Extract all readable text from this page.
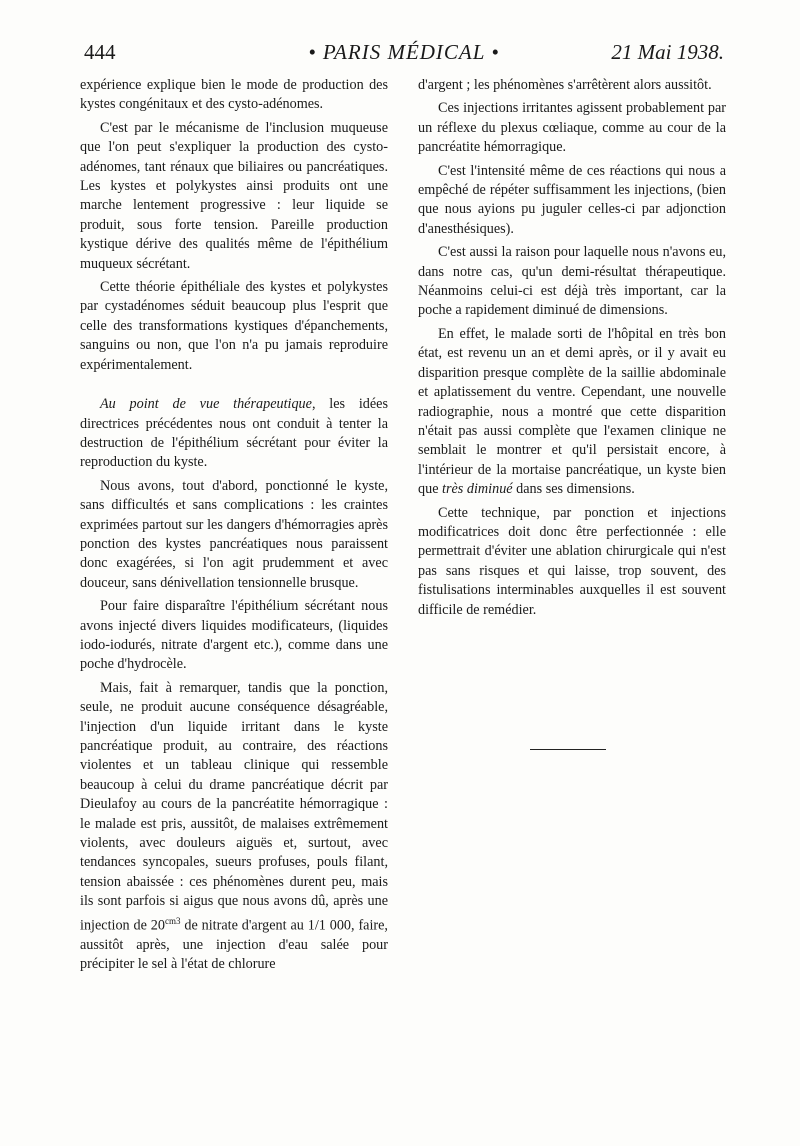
444	• PARIS MÉDICAL •	21 Mai 1938.

expérience explique bien le mode de production des kystes congénitaux et des cysto-adénomes.

C'est par le mécanisme de l'inclusion muqueuse que l'on peut s'expliquer la production des cysto-adénomes, tant rénaux que biliaires ou pancréatiques. Les kystes et polykystes ainsi produits ont une marche lentement progressive : leur liquide se produit, sous forte tension. Pareille production kystique dérive des qualités même de l'épithélium muqueux sécrétant.

Cette théorie épithéliale des kystes et polykystes par cystadénomes séduit beaucoup plus l'esprit que celle des transformations kystiques d'épanchements, sanguins ou non, que l'on n'a pu jamais reproduire expérimentalement.

Au point de vue thérapeutique, les idées directrices précédentes nous ont conduit à tenter la destruction de l'épithélium sécrétant pour éviter la reproduction du kyste.

Nous avons, tout d'abord, ponctionné le kyste, sans difficultés et sans complications : les craintes exprimées partout sur les dangers d'hémorragies après ponction des kystes pancréatiques nous paraissent donc exagérées, si l'on agit prudemment et avec douceur, sans dénivellation tensionnelle brusque.

Pour faire disparaître l'épithélium sécrétant nous avons injecté divers liquides modificateurs, (liquides iodo-iodurés, nitrate d'argent etc.), comme dans une poche d'hydrocèle.

Mais, fait à remarquer, tandis que la ponction, seule, ne produit aucune conséquence désagréable, l'injection d'un liquide irritant dans le kyste pancréatique produit, au contraire, des réactions violentes et un tableau clinique qui ressemble beaucoup à celui du drame pancréatique décrit par Dieulafoy au cours de la pancréatite hémorragique : le malade est pris, aussitôt, de malaises extrêmement violents, avec douleurs aiguës et, surtout, avec tendances syncopales, sueurs profuses, pouls filant, tension abaissée : ces phénomènes durent peu, mais ils sont parfois si aigus que nous avons dû, après une injection de $20^{cm3}$ de nitrate d'argent au 1/1 000, faire, aussitôt après, une injection d'eau salée pour précipiter le sel à l'état de chlorure

d'argent ; les phénomènes s'arrêtèrent alors aussitôt.

Ces injections irritantes agissent probablement par un réflexe du plexus cœliaque, comme au cour de la pancréatite hémorragique.

C'est l'intensité même de ces réactions qui nous a empêché de répéter suffisamment les injections, (bien que nous ayions pu juguler celles-ci par adjonction d'anesthésiques).

C'est aussi la raison pour laquelle nous n'avons eu, dans notre cas, qu'un demi-résultat thérapeutique. Néanmoins celui-ci est déjà très important, car la poche a rapidement diminué de dimensions.

En effet, le malade sorti de l'hôpital en très bon état, est revenu un an et demi après, or il y avait eu disparition presque complète de la saillie abdominale et aplatissement du ventre. Cependant, une nouvelle radiographie, nous a montré que cette disparition n'était pas aussi complète que l'examen clinique ne semblait le montrer et qu'il persistait encore, à l'intérieur de la mortaise pancréatique, un kyste bien que très diminué dans ses dimensions.

Cette technique, par ponction et injections modificatrices doit donc être perfectionnée : elle permettrait d'éviter une ablation chirurgicale qui n'est pas sans risques et qui laisse, trop souvent, des fistulisations interminables auxquelles il est souvent difficile de remédier.
